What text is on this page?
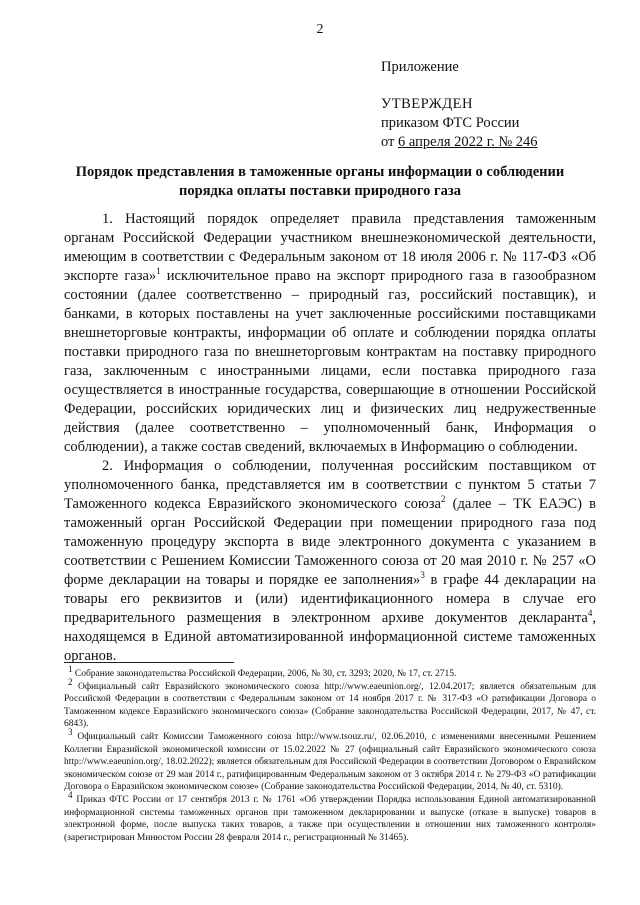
2
Приложение
УТВЕРЖДЕН
приказом ФТС России
от 6 апреля 2022 г. № 246
Порядок представления в таможенные органы информации о соблюдении порядка оплаты поставки природного газа

1. Настоящий порядок определяет правила представления таможенным органам Российской Федерации участником внешнеэкономической деятельности, имеющим в соответствии с Федеральным законом от 18 июля 2006 г. № 117-ФЗ «Об экспорте газа»$^1$ исключительное право на экспорт природного газа в газообразном состоянии (далее соответственно – природный газ, российский поставщик), и банками, в которых поставлены на учет заключенные российскими поставщиками внешнеторговые контракты, информации об оплате и соблюдении порядка оплаты поставки природного газа по внешнеторговым контрактам на поставку природного газа, заключенным с иностранными лицами, если поставка природного газа осуществляется в иностранные государства, совершающие в отношении Российской Федерации, российских юридических лиц и физических лиц недружественные действия (далее соответственно – уполномоченный банк, Информация о соблюдении), а также состав сведений, включаемых в Информацию о соблюдении.

2. Информация о соблюдении, полученная российским поставщиком от уполномоченного банка, представляется им в соответствии с пунктом 5 статьи 7 Таможенного кодекса Евразийского экономического союза$^2$ (далее – ТК ЕАЭС) в таможенный орган Российской Федерации при помещении природного газа под таможенную процедуру экспорта в виде электронного документа с указанием в соответствии с Решением Комиссии Таможенного союза от 20 мая 2010 г. № 257 «О форме декларации на товары и порядке ее заполнения»$^3$ в графе 44 декларации на товары его реквизитов и (или) идентификационного номера в случае его предварительного размещения в электронном архиве документов декларанта$^4$, находящемся в Единой автоматизированной информационной системе таможенных органов.

$^1$ Собрание законодательства Российской Федерации, 2006, № 30, ст. 3293; 2020, № 17, ст. 2715.

$^2$ Официальный сайт Евразийского экономического союза http://www.eaeunion.org/, 12.04.2017; является обязательным для Российской Федерации в соответствии с Федеральным законом от 14 ноября 2017 г. № 317-ФЗ «О ратификации Договора о Таможенном кодексе Евразийского экономического союза» (Собрание законодательства Российской Федерации, 2017, № 47, ст. 6843).

$^3$ Официальный сайт Комиссии Таможенного союза http://www.tsouz.ru/, 02.06.2010, с изменениями внесенными Решением Коллегии Евразийской экономической комиссии от 15.02.2022 № 27 (официальный сайт Евразийского экономического союза http://www.eaeunion.org/, 18.02.2022); является обязательным для Российской Федерации в соответствии Договором о Евразийском экономическом союзе от 29 мая 2014 г., ратифицированным Федеральным законом от 3 октября 2014 г. № 279-ФЗ «О ратификации Договора о Евразийском экономическом союзе» (Собрание законодательства Российской Федерации, 2014, № 40, ст. 5310).

$^4$ Приказ ФТС России от 17 сентября 2013 г. № 1761 «Об утверждении Порядка использования Единой автоматизированной информационной системы таможенных органов при таможенном декларировании и выпуске (отказе в выпуске) товаров в электронной форме, после выпуска таких товаров, а также при осуществлении в отношении них таможенного контроля» (зарегистрирован Минюстом России 28 февраля 2014 г., регистрационный № 31465).
